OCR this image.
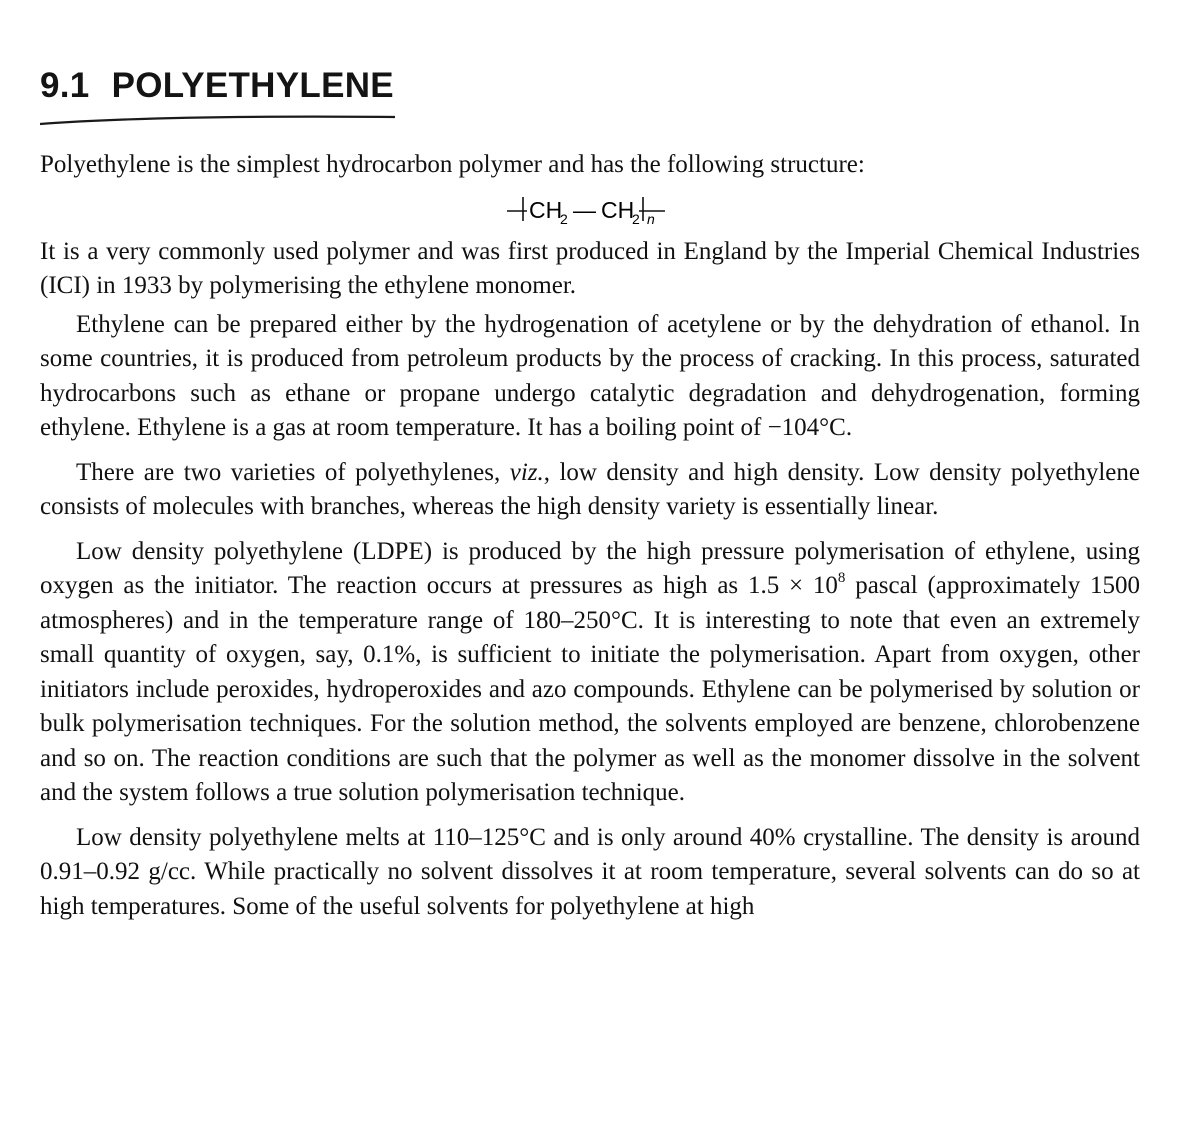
9.1 POLYETHYLENE

Polyethylene is the simplest hydrocarbon polymer and has the following structure:

CH
2 — CH
2 n

It is a very commonly used polymer and was first produced in England by the Imperial Chemical Industries (ICI) in 1933 by polymerising the ethylene monomer.

Ethylene can be prepared either by the hydrogenation of acetylene or by the dehydration of ethanol. In some countries, it is produced from petroleum products by the process of cracking. In this process, saturated hydrocarbons such as ethane or propane undergo catalytic degradation and dehydrogenation, forming ethylene. Ethylene is a gas at room temperature. It has a boiling point of −104°C.

There are two varieties of polyethylenes, viz., low density and high density. Low density polyethylene consists of molecules with branches, whereas the high density variety is essentially linear.

Low density polyethylene (LDPE) is produced by the high pressure polymerisation of ethylene, using oxygen as the initiator. The reaction occurs at pressures as high as $1.5 \times 10^8$ pascal (approximately 1500 atmospheres) and in the temperature range of 180–250°C. It is interesting to note that even an extremely small quantity of oxygen, say, 0.1%, is sufficient to initiate the polymerisation. Apart from oxygen, other initiators include peroxides, hydroperoxides and azo compounds. Ethylene can be polymerised by solution or bulk polymerisation techniques. For the solution method, the solvents employed are benzene, chlorobenzene and so on. The reaction conditions are such that the polymer as well as the monomer dissolve in the solvent and the system follows a true solution polymerisation technique.

Low density polyethylene melts at 110–125°C and is only around 40% crystalline. The density is around 0.91–0.92 g/cc. While practically no solvent dissolves it at room temperature, several solvents can do so at high temperatures. Some of the useful solvents for polyethylene at high
